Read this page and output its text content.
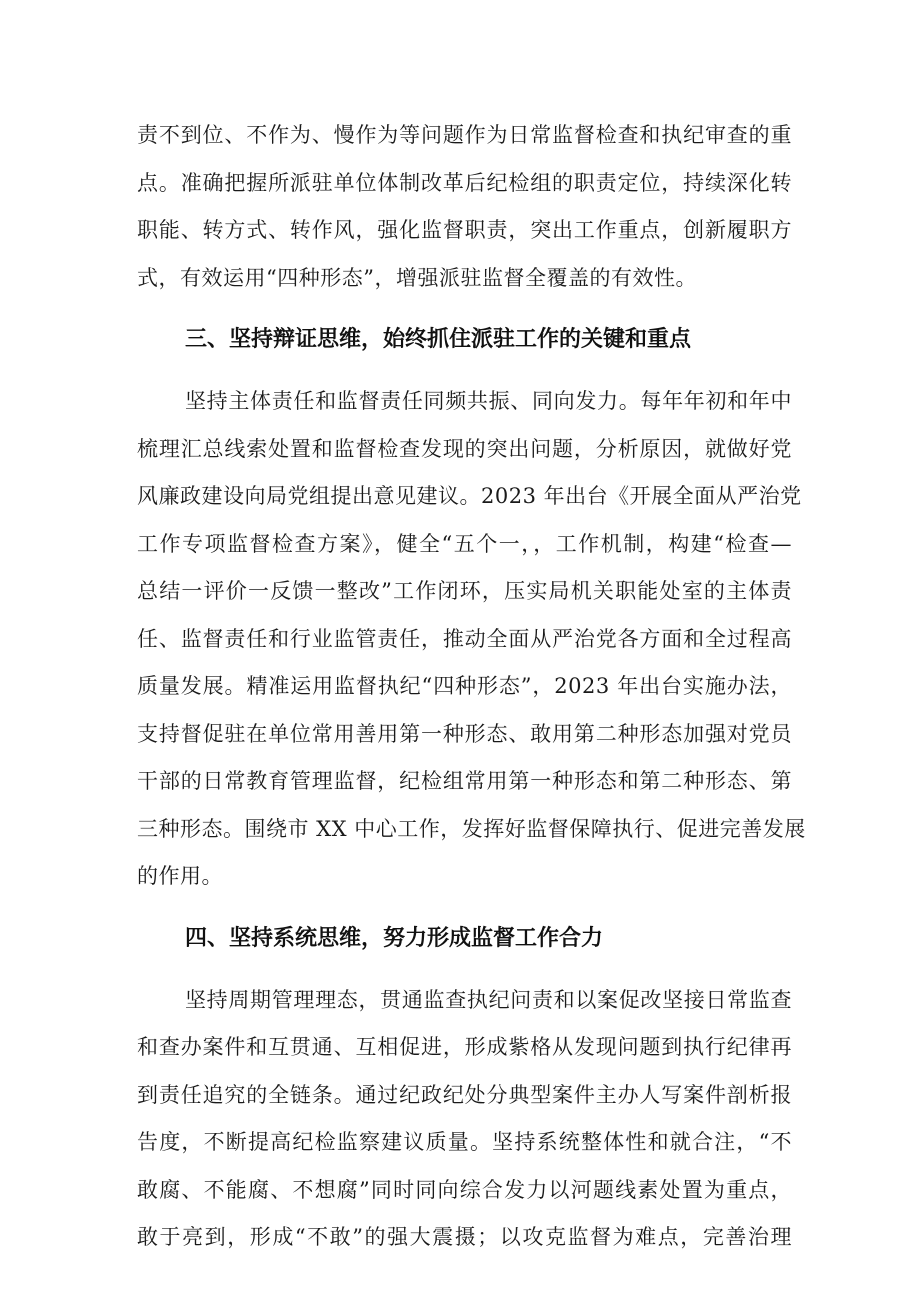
责不到位、不作为、慢作为等问题作为日常监督检查和执纪审查的重
点。准确把握所派驻单位体制改革后纪检组的职责定位，持续深化转
职能、转方式、转作风，强化监督职责，突出工作重点，创新履职方
式，有效运用“四种形态”，增强派驻监督全覆盖的有效性。
三、坚持辩证思维，始终抓住派驻工作的关键和重点
坚持主体责任和监督责任同频共振、同向发力。每年年初和年中
梳理汇总线索处置和监督检查发现的突出问题，分析原因，就做好党
风廉政建设向局党组提出意见建议。2023 年出台《开展全面从严治党
工作专项监督检查方案》，健全“五个一，，工作机制，构建“检查—
总结一评价一反馈一整改”工作闭环，压实局机关职能处室的主体责
任、监督责任和行业监管责任，推动全面从严治党各方面和全过程高
质量发展。精准运用监督执纪“四种形态”，2023 年出台实施办法，
支持督促驻在单位常用善用第一种形态、敢用第二种形态加强对党员
干部的日常教育管理监督，纪检组常用第一种形态和第二种形态、第
三种形态。围绕市 XX 中心工作，发挥好监督保障执行、促进完善发展
的作用。
四、坚持系统思维，努力形成监督工作合力
坚持周期管理理态，贯通监查执纪问责和以案促改坚接日常监查
和查办案件和互贯通、互相促进，形成紫格从发现问题到执行纪律再
到责任追究的全链条。通过纪政纪处分典型案件主办人写案件剖析报
告度，不断提高纪检监察建议质量。坚持系统整体性和就合注，“不
敢腐、不能腐、不想腐”同时同向综合发力以河题线素处置为重点，
敢于亮到，形成“不敢”的强大震摄；以攻克监督为难点，完善治理
